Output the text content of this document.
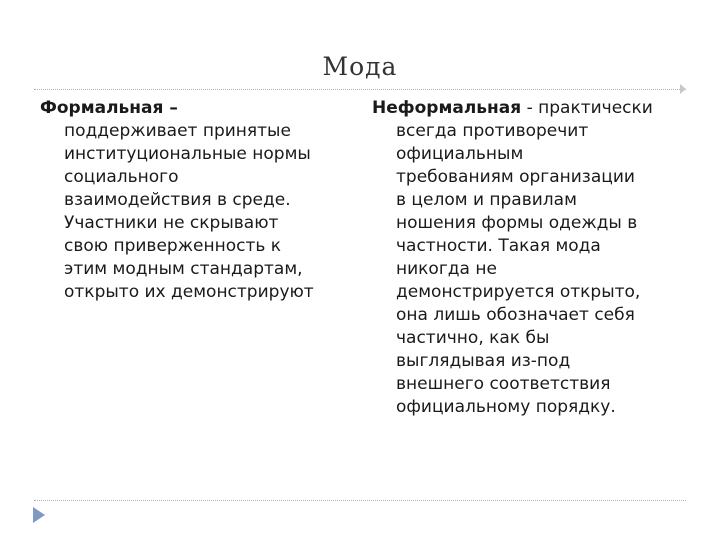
Мода
Формальная –
поддерживает принятые
институциональные нормы
социального
взаимодействия в среде.
Участники не скрывают
свою приверженность к
этим модным стандартам,
открыто их демонстрируют
Неформальная - практически
всегда противоречит
официальным
требованиям организации
в целом и правилам
ношения формы одежды в
частности. Такая мода
никогда не
демонстрируется открыто,
она лишь обозначает себя
частично, как бы
выглядывая из-под
внешнего соответствия
официальному порядку.
